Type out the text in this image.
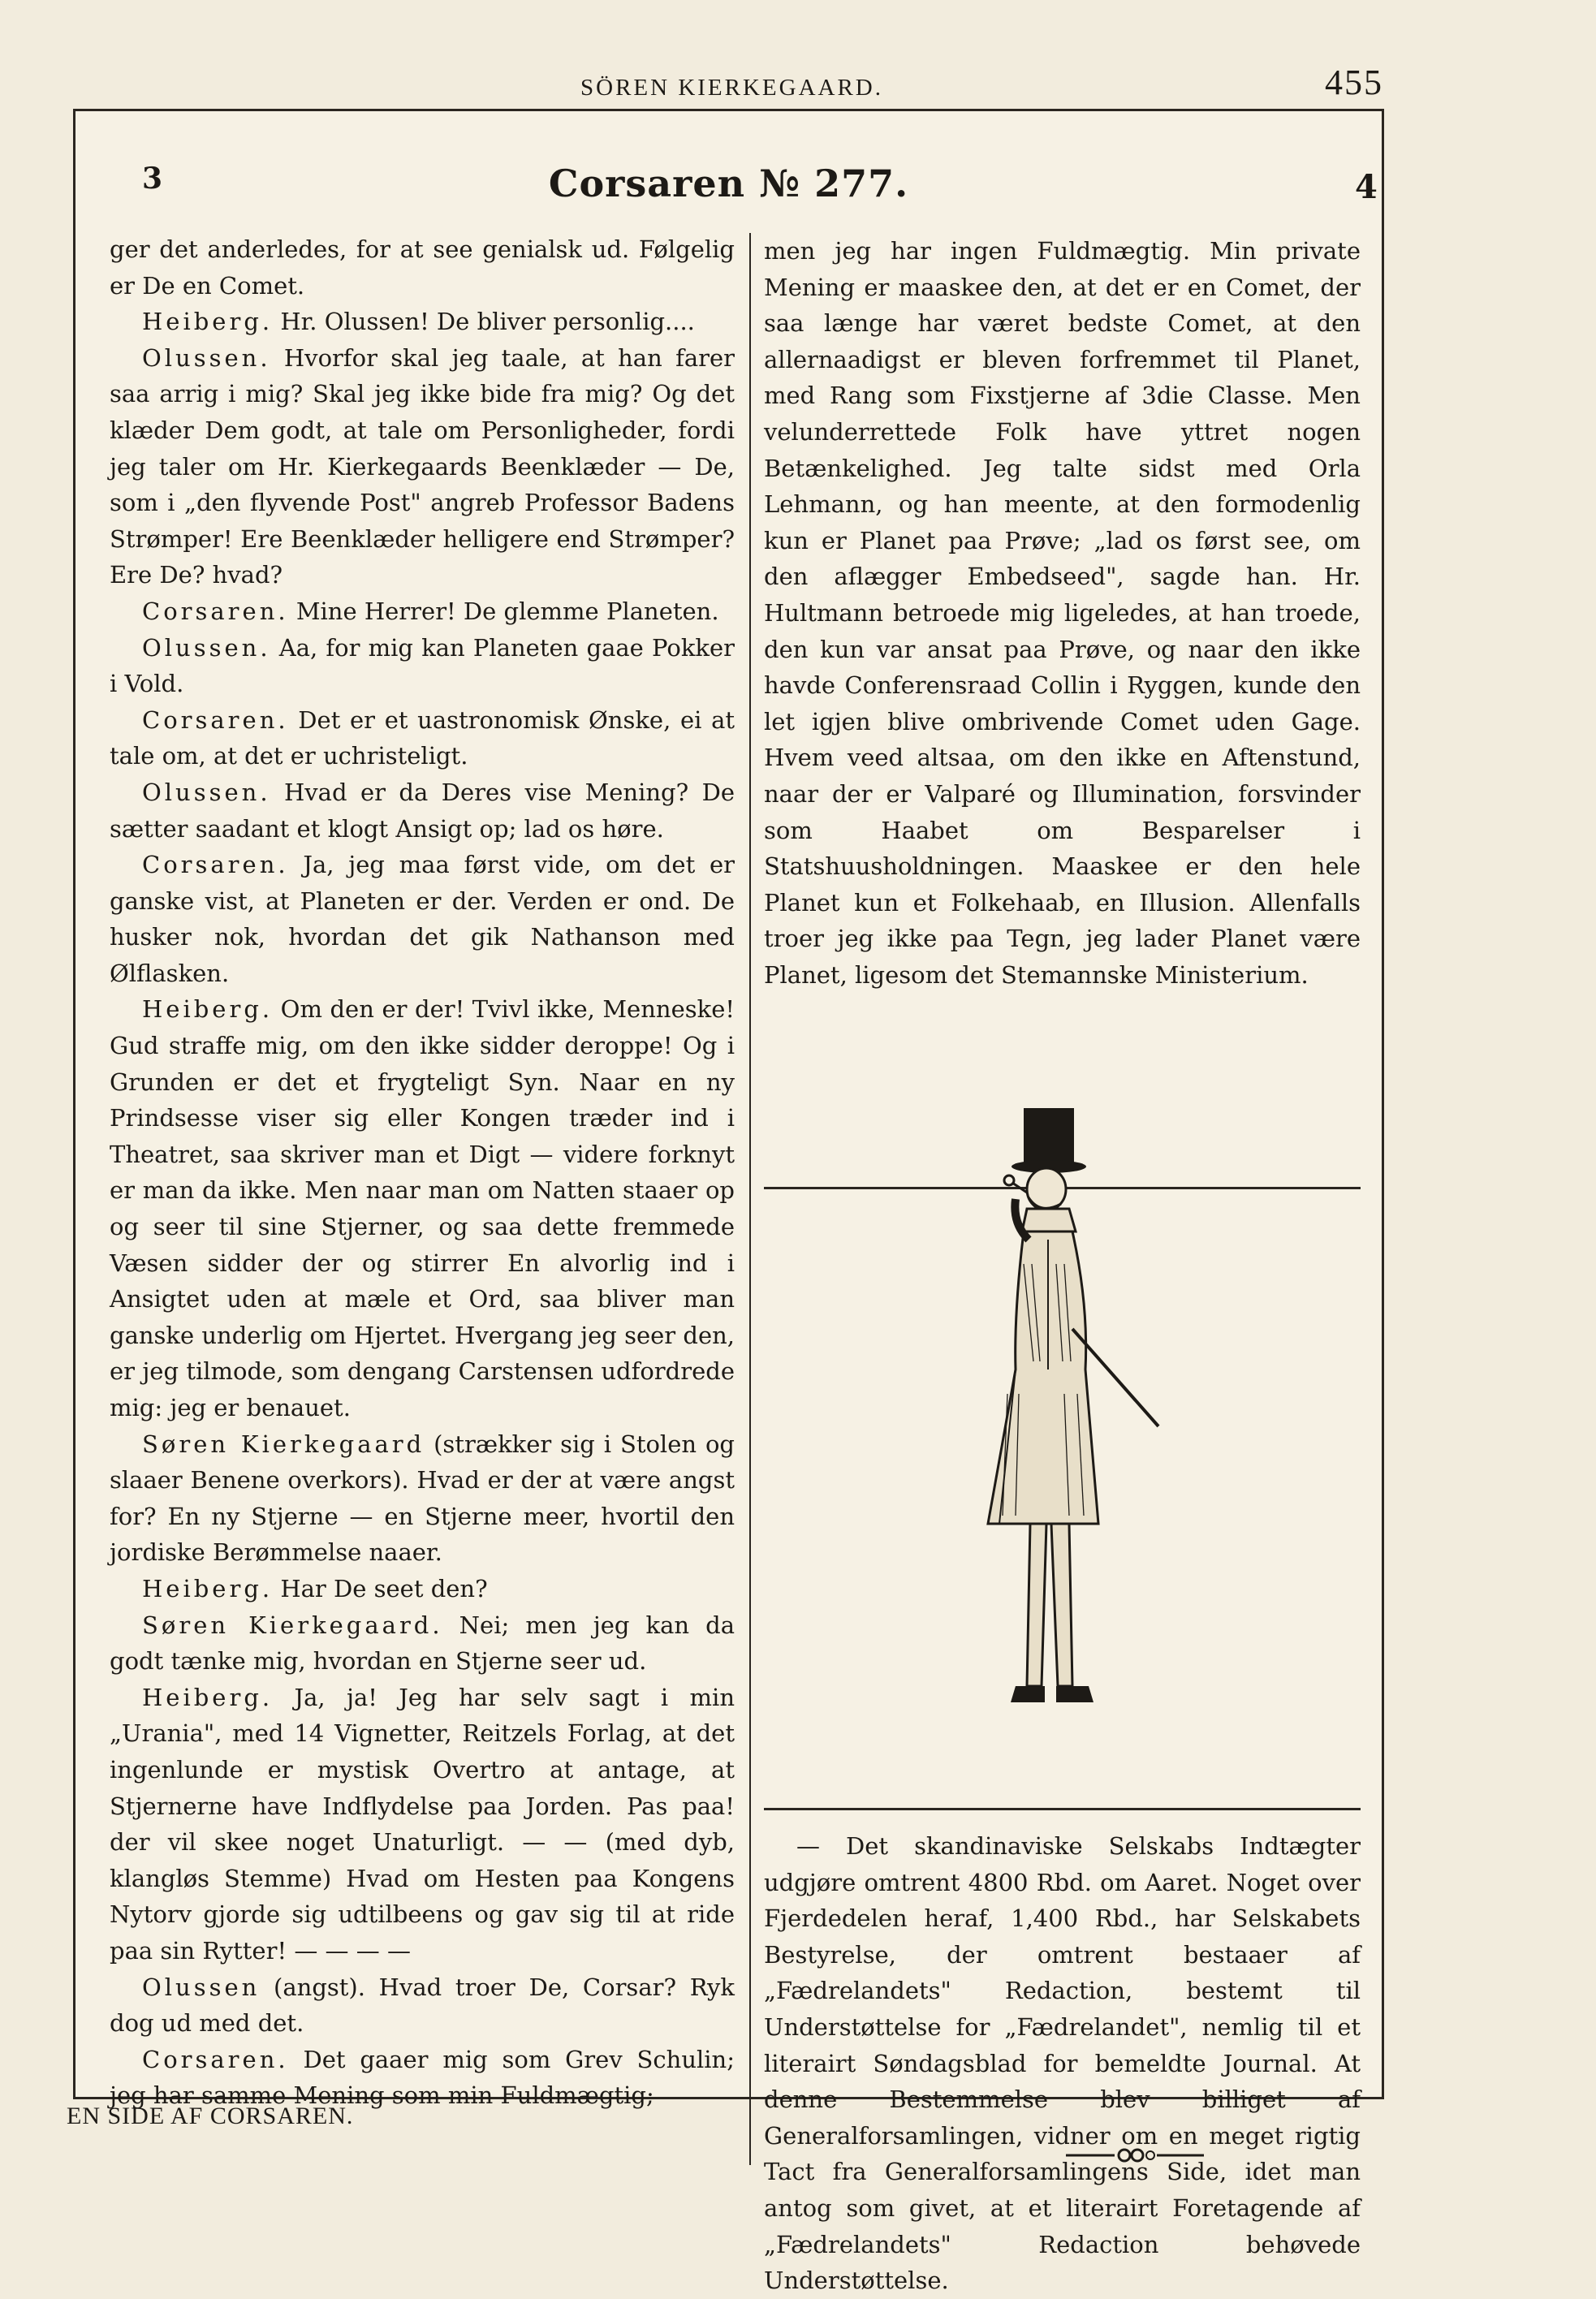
SÖREN KIERKEGAARD.	455
3	Corsaren № 277.	4

ger det anderledes, for at see genialsk ud. Følgelig er De en Comet.

Heiberg. Hr. Olussen! De bliver personlig....

Olussen. Hvorfor skal jeg taale, at han farer saa arrig i mig? Skal jeg ikke bide fra mig? Og det klæder Dem godt, at tale om Personligheder, fordi jeg taler om Hr. Kierkegaards Beenklæder — De, som i „den flyvende Post" angreb Professor Badens Strømper! Ere Beenklæder helligere end Strømper? Ere De? hvad?

Corsaren. Mine Herrer! De glemme Planeten.

Olussen. Aa, for mig kan Planeten gaae Pokker i Vold.

Corsaren. Det er et uastronomisk Ønske, ei at tale om, at det er uchristeligt.

Olussen. Hvad er da Deres vise Mening? De sætter saadant et klogt Ansigt op; lad os høre.

Corsaren. Ja, jeg maa først vide, om det er ganske vist, at Planeten er der. Verden er ond. De husker nok, hvordan det gik Nathanson med Ølflasken.

Heiberg. Om den er der! Tvivl ikke, Menneske! Gud straffe mig, om den ikke sidder deroppe! Og i Grunden er det et frygteligt Syn. Naar en ny Prindsesse viser sig eller Kongen træder ind i Theatret, saa skriver man et Digt — videre forknyt er man da ikke. Men naar man om Natten staaer op og seer til sine Stjerner, og saa dette fremmede Væsen sidder der og stirrer En alvorlig ind i Ansigtet uden at mæle et Ord, saa bliver man ganske underlig om Hjertet. Hvergang jeg seer den, er jeg tilmode, som dengang Carstensen udfordrede mig: jeg er benauet.

Søren Kierkegaard (strækker sig i Stolen og slaaer Benene overkors). Hvad er der at være angst for? En ny Stjerne — en Stjerne meer, hvortil den jordiske Berømmelse naaer.

Heiberg. Har De seet den?

Søren Kierkegaard. Nei; men jeg kan da godt tænke mig, hvordan en Stjerne seer ud.

Heiberg. Ja, ja! Jeg har selv sagt i min „Urania", med 14 Vignetter, Reitzels Forlag, at det ingenlunde er mystisk Overtro at antage, at Stjernerne have Indflydelse paa Jorden. Pas paa! der vil skee noget Unaturligt. — — (med dyb, klangløs Stemme) Hvad om Hesten paa Kongens Nytorv gjorde sig udtilbeens og gav sig til at ride paa sin Rytter! — — — —

Olussen (angst). Hvad troer De, Corsar? Ryk dog ud med det.

Corsaren. Det gaaer mig som Grev Schulin; jeg har samme Mening som min Fuldmægtig;

men jeg har ingen Fuldmægtig. Min private Mening er maaskee den, at det er en Comet, der saa længe har været bedste Comet, at den allernaadigst er bleven forfremmet til Planet, med Rang som Fixstjerne af 3die Classe. Men velunderrettede Folk have yttret nogen Betænkelighed. Jeg talte sidst med Orla Lehmann, og han meente, at den formodenlig kun er Planet paa Prøve; „lad os først see, om den aflægger Embedseed", sagde han. Hr. Hultmann betroede mig ligeledes, at han troede, den kun var ansat paa Prøve, og naar den ikke havde Conferensraad Collin i Ryggen, kunde den let igjen blive ombrivende Comet uden Gage. Hvem veed altsaa, om den ikke en Aftenstund, naar der er Valparé og Illumination, forsvinder som Haabet om Besparelser i Statshuusholdningen. Maaskee er den hele Planet kun et Folkehaab, en Illusion. Allenfalls troer jeg ikke paa Tegn, jeg lader Planet være Planet, ligesom det Stemannske Ministerium.

— Det skandinaviske Selskabs Indtægter udgjøre omtrent 4800 Rbd. om Aaret. Noget over Fjerdedelen heraf, 1,400 Rbd., har Selskabets Bestyrelse, der omtrent bestaaer af „Fædrelandets" Redaction, bestemt til Understøttelse for „Fædrelandet", nemlig til et literairt Søndagsblad for bemeldte Journal. At denne Bestemmelse blev billiget af Generalforsamlingen, vidner om en meget rigtig Tact fra Generalforsamlingens Side, idet man antog som givet, at et literairt Foretagende af „Fædrelandets" Redaction behøvede Understøttelse.

EN SIDE AF CORSAREN.
